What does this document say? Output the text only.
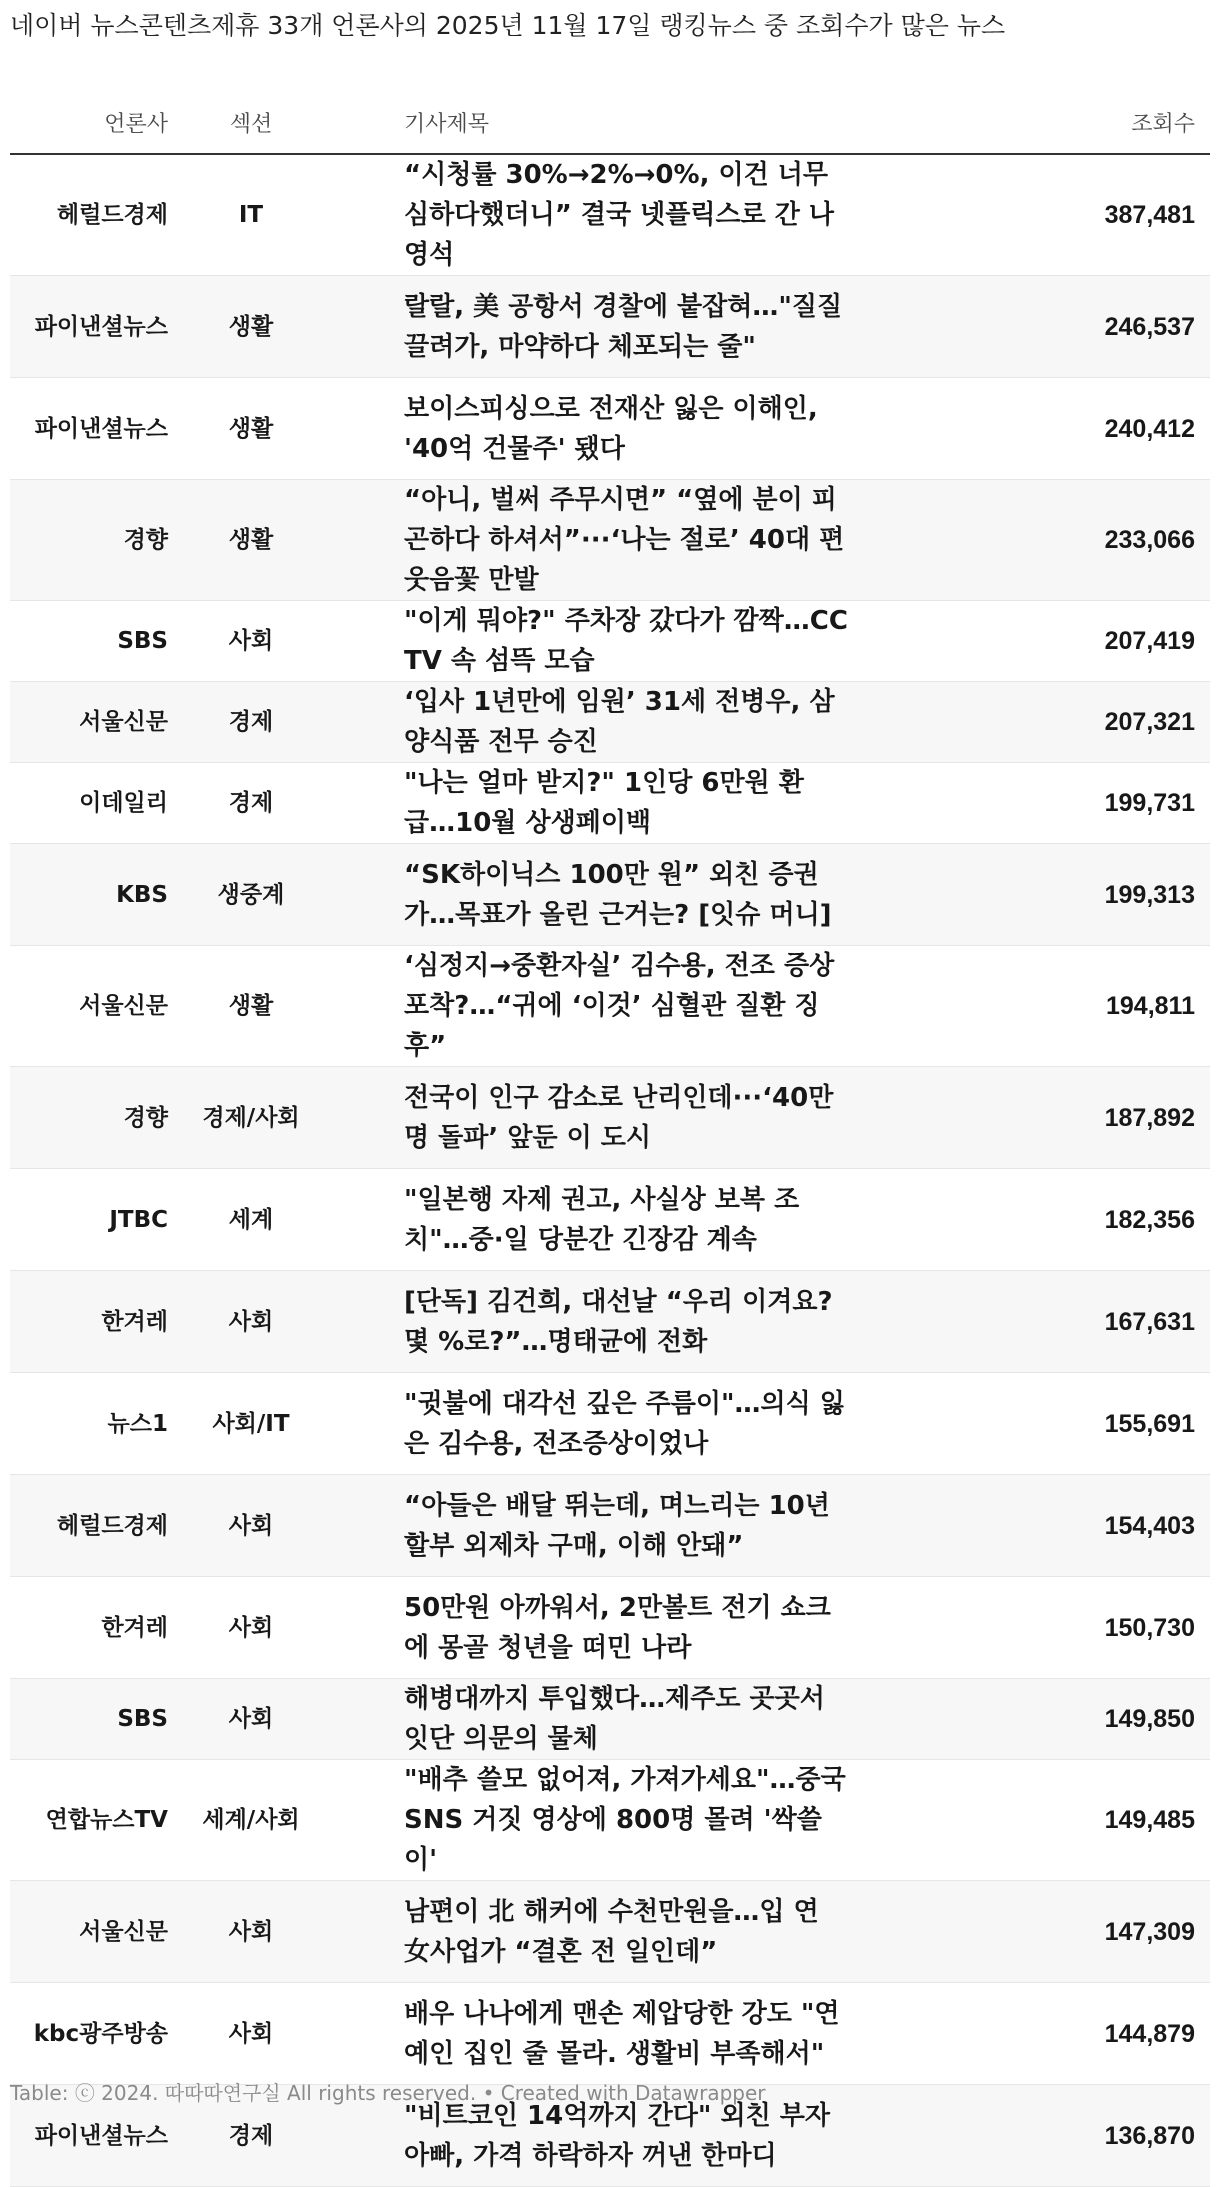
네이버 뉴스콘텐츠제휴 33개 언론사의 2025년 11월 17일 랭킹뉴스 중 조회수가 많은 뉴스
언론사	섹션	기사제목	조회수
헤럴드경제	IT	“시청률 30%→2%→0%, 이건 너무 심하다했더니” 결국 넷플릭스로 간 나영석	387,481
파이낸셜뉴스	생활	랄랄, 美 공항서 경찰에 붙잡혀…"질질 끌려가, 마약하다 체포되는 줄"	246,537
파이낸셜뉴스	생활	보이스피싱으로 전재산 잃은 이해인, '40억 건물주' 됐다	240,412
경향	생활	“아니, 벌써 주무시면” “옆에 분이 피곤하다 하셔서”···‘나는 절로’ 40대 편 웃음꽃 만발	233,066
SBS	사회	"이게 뭐야?" 주차장 갔다가 깜짝…CCTV 속 섬뜩 모습	207,419
서울신문	경제	‘입사 1년만에 임원’ 31세 전병우, 삼양식품 전무 승진	207,321
이데일리	경제	"나는 얼마 받지?" 1인당 6만원 환급…10월 상생페이백	199,731
KBS	생중계	“SK하이닉스 100만 원” 외친 증권가…목표가 올린 근거는? [잇슈 머니]	199,313
서울신문	생활	‘심정지→중환자실’ 김수용, 전조 증상 포착?…“귀에 ‘이것’ 심혈관 질환 징후”	194,811
경향	경제/사회	전국이 인구 감소로 난리인데···‘40만명 돌파’ 앞둔 이 도시	187,892
JTBC	세계	"일본행 자제 권고, 사실상 보복 조치"…중·일 당분간 긴장감 계속	182,356
한겨레	사회	[단독] 김건희, 대선날 “우리 이겨요? 몇 %로?”…명태균에 전화	167,631
뉴스1	사회/IT	"귓불에 대각선 깊은 주름이"…의식 잃은 김수용, 전조증상이었나	155,691
헤럴드경제	사회	“아들은 배달 뛰는데, 며느리는 10년 할부 외제차 구매, 이해 안돼”	154,403
한겨레	사회	50만원 아까워서, 2만볼트 전기 쇼크에 몽골 청년을 떠민 나라	150,730
SBS	사회	해병대까지 투입했다…제주도 곳곳서 잇단 의문의 물체	149,850
연합뉴스TV	세계/사회	"배추 쓸모 없어져, 가져가세요"…중국 SNS 거짓 영상에 800명 몰려 '싹쓸이'	149,485
서울신문	사회	남편이 北 해커에 수천만원을…입 연 女사업가 “결혼 전 일인데”	147,309
kbc광주방송	사회	배우 나나에게 맨손 제압당한 강도 "연예인 집인 줄 몰라. 생활비 부족해서"	144,879
파이낸셜뉴스	경제	"비트코인 14억까지 간다" 외친 부자아빠, 가격 하락하자 꺼낸 한마디	136,870
Table: ⓒ 2024. 따따따연구실 All rights reserved. • Created with Datawrapper
